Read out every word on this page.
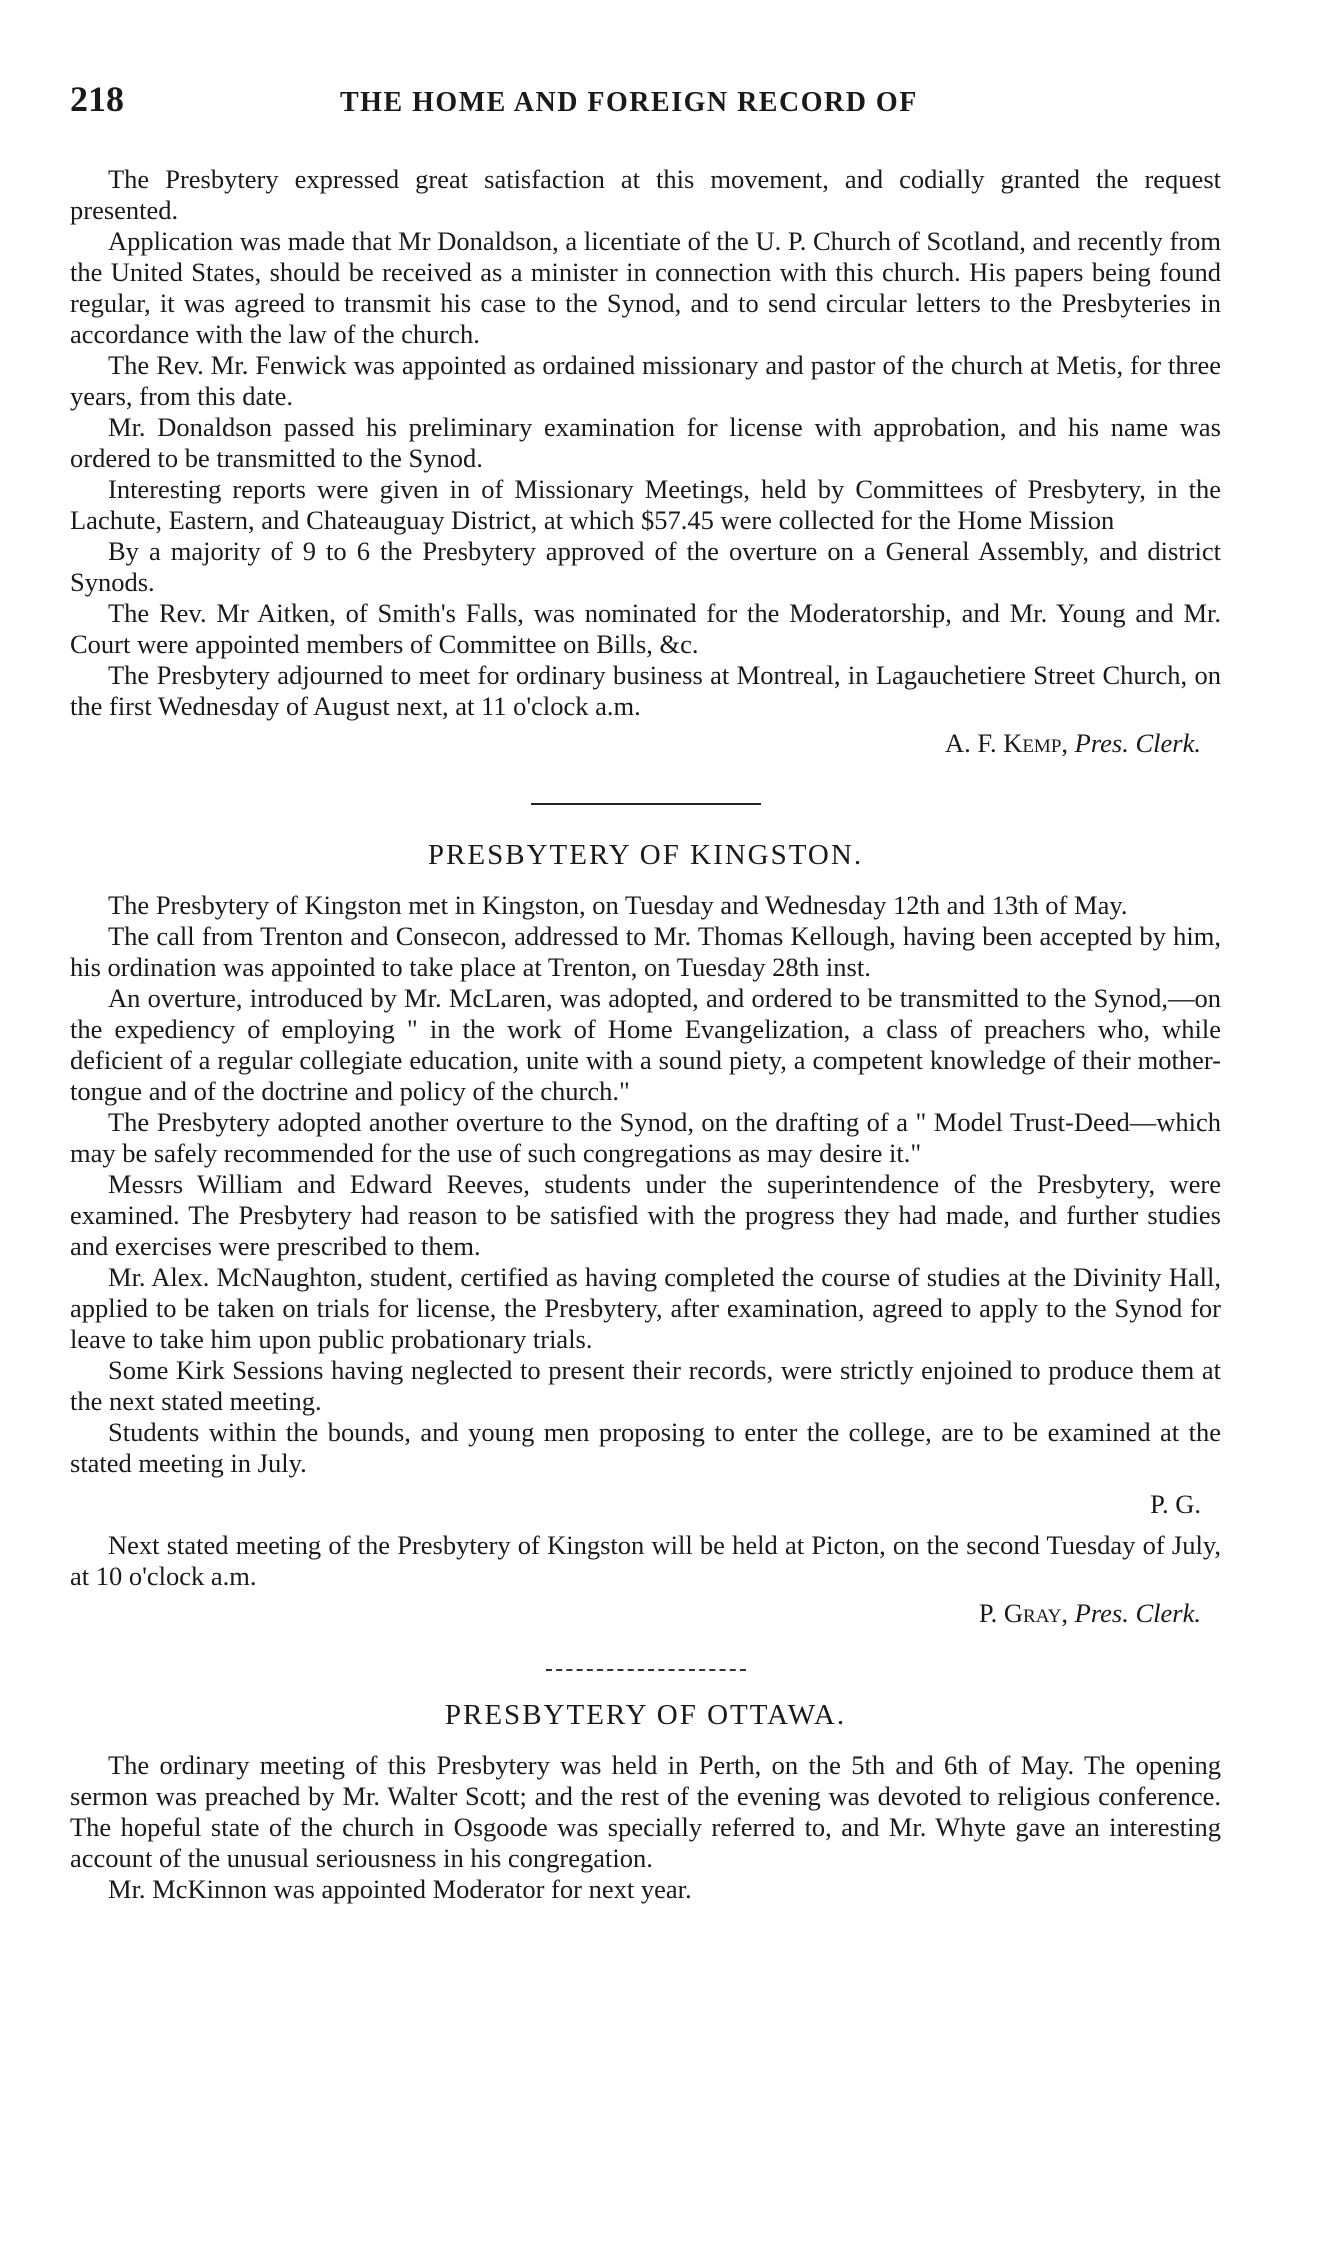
218	THE HOME AND FOREIGN RECORD OF

The Presbytery expressed great satisfaction at this movement, and codially granted the request presented.

Application was made that Mr Donaldson, a licentiate of the U. P. Church of Scotland, and recently from the United States, should be received as a minister in connection with this church. His papers being found regular, it was agreed to transmit his case to the Synod, and to send circular letters to the Presbyteries in accordance with the law of the church.

The Rev. Mr. Fenwick was appointed as ordained missionary and pastor of the church at Metis, for three years, from this date.

Mr. Donaldson passed his preliminary examination for license with approbation, and his name was ordered to be transmitted to the Synod.

Interesting reports were given in of Missionary Meetings, held by Committees of Presbytery, in the Lachute, Eastern, and Chateauguay District, at which $57.45 were collected for the Home Mission

By a majority of 9 to 6 the Presbytery approved of the overture on a General Assembly, and district Synods.

The Rev. Mr Aitken, of Smith's Falls, was nominated for the Moderatorship, and Mr. Young and Mr. Court were appointed members of Committee on Bills, &c.

The Presbytery adjourned to meet for ordinary business at Montreal, in Lagauchetiere Street Church, on the first Wednesday of August next, at 11 o'clock a.m.

A. F. Kemp, Pres. Clerk.

PRESBYTERY OF KINGSTON.

The Presbytery of Kingston met in Kingston, on Tuesday and Wednesday 12th and 13th of May.

The call from Trenton and Consecon, addressed to Mr. Thomas Kellough, having been accepted by him, his ordination was appointed to take place at Trenton, on Tuesday 28th inst.

An overture, introduced by Mr. McLaren, was adopted, and ordered to be transmitted to the Synod,—on the expediency of employing " in the work of Home Evangelization, a class of preachers who, while deficient of a regular collegiate education, unite with a sound piety, a competent knowledge of their mother-tongue and of the doctrine and policy of the church."

The Presbytery adopted another overture to the Synod, on the drafting of a " Model Trust-Deed—which may be safely recommended for the use of such congregations as may desire it."

Messrs William and Edward Reeves, students under the superintendence of the Presbytery, were examined. The Presbytery had reason to be satisfied with the progress they had made, and further studies and exercises were prescribed to them.

Mr. Alex. McNaughton, student, certified as having completed the course of studies at the Divinity Hall, applied to be taken on trials for license, the Presbytery, after examination, agreed to apply to the Synod for leave to take him upon public probationary trials.

Some Kirk Sessions having neglected to present their records, were strictly enjoined to produce them at the next stated meeting.

Students within the bounds, and young men proposing to enter the college, are to be examined at the stated meeting in July.

P. G.

Next stated meeting of the Presbytery of Kingston will be held at Picton, on the second Tuesday of July, at 10 o'clock a.m.

P. Gray, Pres. Clerk.

PRESBYTERY OF OTTAWA.

The ordinary meeting of this Presbytery was held in Perth, on the 5th and 6th of May. The opening sermon was preached by Mr. Walter Scott; and the rest of the evening was devoted to religious conference. The hopeful state of the church in Osgoode was specially referred to, and Mr. Whyte gave an interesting account of the unusual seriousness in his congregation.

Mr. McKinnon was appointed Moderator for next year.
